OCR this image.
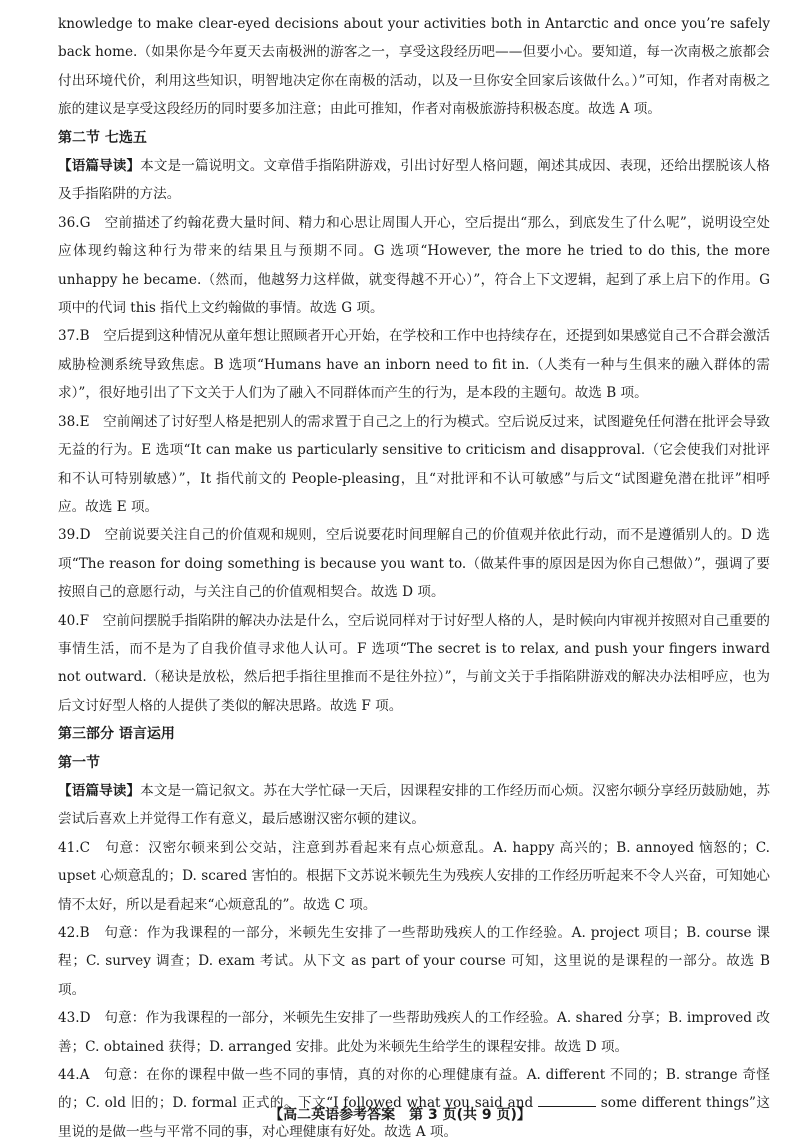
knowledge to make clear-eyed decisions about your activities both in Antarctic and once you’re safely back home.（如果你是今年夏天去南极洲的游客之一，享受这段经历吧——但要小心。要知道，每一次南极之旅都会付出环境代价，利用这些知识，明智地决定你在南极的活动，以及一旦你安全回家后该做什么。）”可知，作者对南极之旅的建议是享受这段经历的同时要多加注意；由此可推知，作者对南极旅游持积极态度。故选 A 项。

第二节 七选五

【语篇导读】本文是一篇说明文。文章借手指陷阱游戏，引出讨好型人格问题，阐述其成因、表现，还给出摆脱该人格及手指陷阱的方法。

36.G　 空前描述了约翰花费大量时间、精力和心思让周围人开心，空后提出“那么，到底发生了什么呢”，说明设空处应体现约翰这种行为带来的结果且与预期不同。G 选项“However, the more he tried to do this, the more unhappy he became.（然而，他越努力这样做，就变得越不开心）”，符合上下文逻辑，起到了承上启下的作用。G 项中的代词 this 指代上文约翰做的事情。故选 G 项。

37.B　 空后提到这种情况从童年想让照顾者开心开始，在学校和工作中也持续存在，还提到如果感觉自己不合群会激活威胁检测系统导致焦虑。B 选项“Humans have an inborn need to fit in.（人类有一种与生俱来的融入群体的需求）”，很好地引出了下文关于人们为了融入不同群体而产生的行为，是本段的主题句。故选 B 项。

38.E　 空前阐述了讨好型人格是把别人的需求置于自己之上的行为模式。空后说反过来，试图避免任何潜在批评会导致无益的行为。E 选项“It can make us particularly sensitive to criticism and disapproval.（它会使我们对批评和不认可特别敏感）”，It 指代前文的 People-pleasing，且“对批评和不认可敏感”与后文“试图避免潜在批评”相呼应。故选 E 项。

39.D　 空前说要关注自己的价值观和规则，空后说要花时间理解自己的价值观并依此行动，而不是遵循别人的。D 选项“The reason for doing something is because you want to.（做某件事的原因是因为你自己想做）”，强调了要按照自己的意愿行动，与关注自己的价值观相契合。故选 D 项。

40.F　 空前问摆脱手指陷阱的解决办法是什么，空后说同样对于讨好型人格的人，是时候向内审视并按照对自己重要的事情生活，而不是为了自我价值寻求他人认可。F 选项“The secret is to relax, and push your fingers inward not outward.（秘诀是放松，然后把手指往里推而不是往外拉）”，与前文关于手指陷阱游戏的解决办法相呼应，也为后文讨好型人格的人提供了类似的解决思路。故选 F 项。

第三部分 语言运用

第一节

【语篇导读】本文是一篇记叙文。苏在大学忙碌一天后，因课程安排的工作经历而心烦。汉密尔顿分享经历鼓励她，苏尝试后喜欢上并觉得工作有意义，最后感谢汉密尔顿的建议。

41.C　 句意：汉密尔顿来到公交站，注意到苏看起来有点心烦意乱。A. happy 高兴的；B. annoyed 恼怒的；C. upset 心烦意乱的；D. scared 害怕的。根据下文苏说米顿先生为残疾人安排的工作经历听起来不令人兴奋，可知她心情不太好，所以是看起来“心烦意乱的”。故选 C 项。

42.B　 句意：作为我课程的一部分，米顿先生安排了一些帮助残疾人的工作经验。A. project 项目；B. course 课程；C. survey 调查；D. exam 考试。从下文 as part of your course 可知，这里说的是课程的一部分。故选 B 项。

43.D　 句意：作为我课程的一部分，米顿先生安排了一些帮助残疾人的工作经验。A. shared 分享；B. improved 改善；C. obtained 获得；D. arranged 安排。此处为米顿先生给学生的课程安排。故选 D 项。

44.A　 句意：在你的课程中做一些不同的事情，真的对你的心理健康有益。A. different 不同的；B. strange 奇怪的；C. old 旧的；D. formal 正式的。下文“I followed what you said and	some different things”这里说的是做一些与平常不同的事，对心理健康有好处。故选 A 项。

【高二英语参考答案　第 3 页(共 9 页)】
